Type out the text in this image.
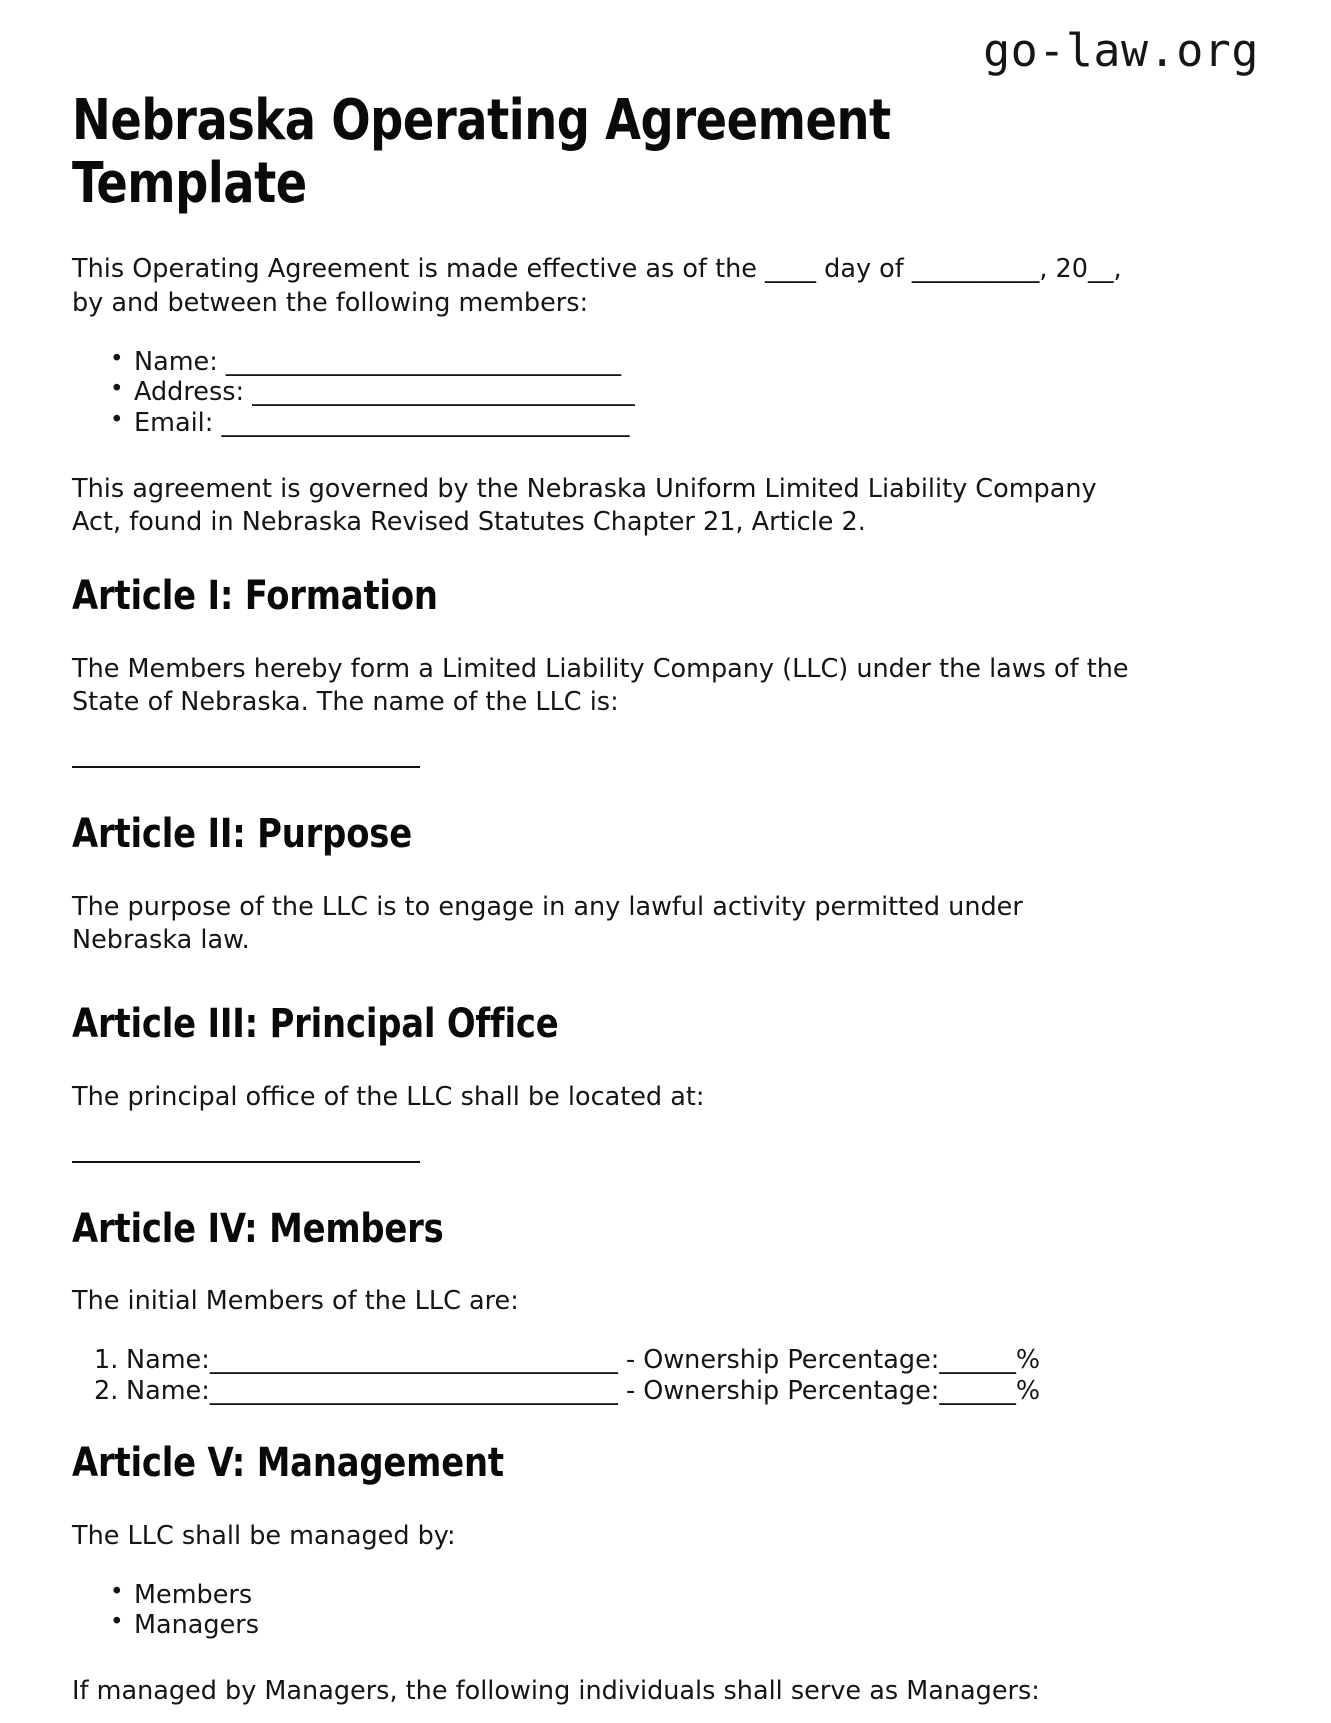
go-law.org
Nebraska Operating Agreement Template

This Operating Agreement is made effective as of the ____ day of __________, 20__, by and between the following members:

• Name: _______________________________
• Address: ______________________________
• Email: ________________________________

This agreement is governed by the Nebraska Uniform Limited Liability Company Act, found in Nebraska Revised Statutes Chapter 21, Article 2.

Article I: Formation

The Members hereby form a Limited Liability Company (LLC) under the laws of the State of Nebraska. The name of the LLC is:

Article II: Purpose

The purpose of the LLC is to engage in any lawful activity permitted under Nebraska law.

Article III: Principal Office

The principal office of the LLC shall be located at:

Article IV: Members

The initial Members of the LLC are:

Name:________________________________ - Ownership Percentage:______%
Name:________________________________ - Ownership Percentage:______%
Article V: Management

The LLC shall be managed by:

• Members
• Managers

If managed by Managers, the following individuals shall serve as Managers:
